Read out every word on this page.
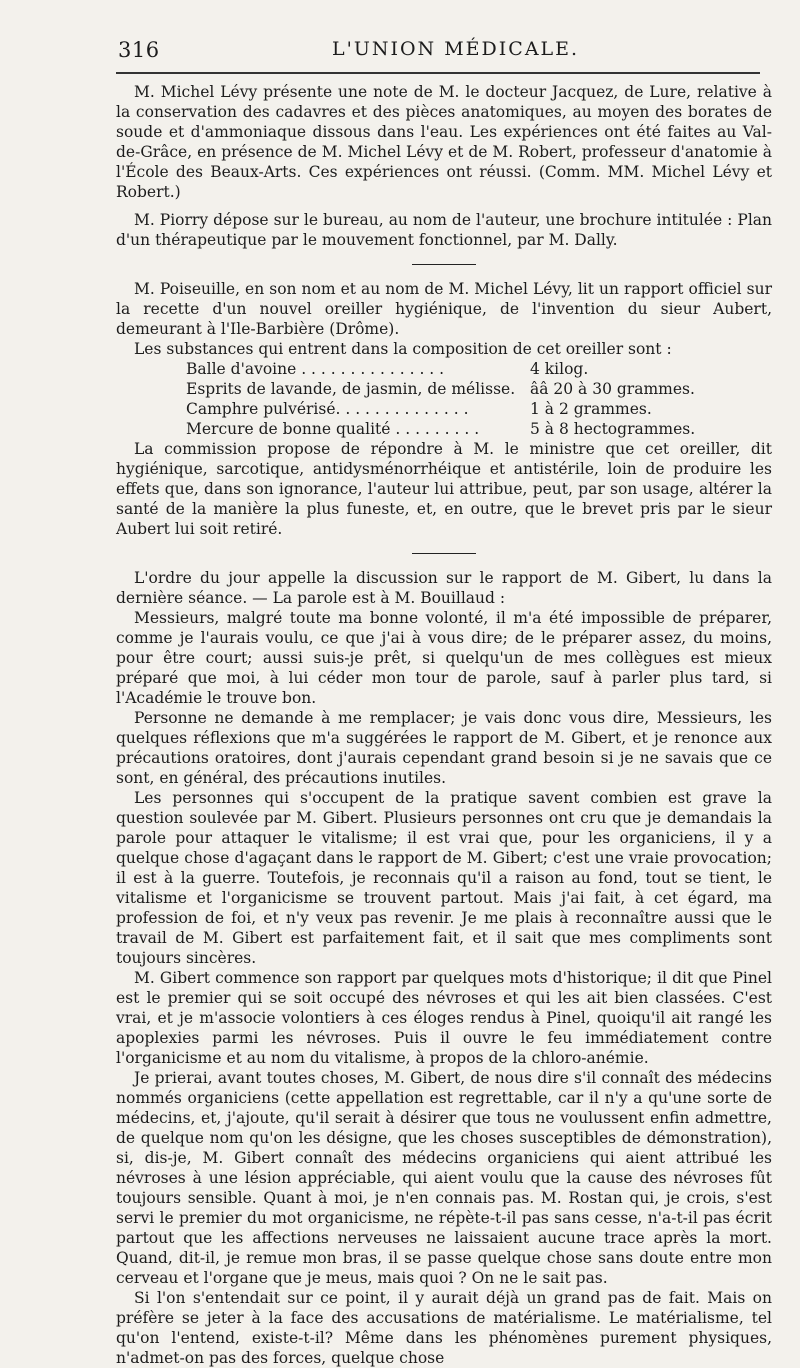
316	L'UNION MÉDICALE.

M. Michel Lévy présente une note de M. le docteur Jacquez, de Lure, relative à la conservation des cadavres et des pièces anatomiques, au moyen des borates de soude et d'ammoniaque dissous dans l'eau. Les expériences ont été faites au Val-de-Grâce, en présence de M. Michel Lévy et de M. Robert, professeur d'anatomie à l'École des Beaux-Arts. Ces expériences ont réussi. (Comm. MM. Michel Lévy et Robert.)

M. Piorry dépose sur le bureau, au nom de l'auteur, une brochure intitulée : Plan d'un thérapeutique par le mouvement fonctionnel, par M. Dally.

M. Poiseuille, en son nom et au nom de M. Michel Lévy, lit un rapport officiel sur la recette d'un nouvel oreiller hygiénique, de l'invention du sieur Aubert, demeurant à l'Ile-Barbière (Drôme).

Les substances qui entrent dans la composition de cet oreiller sont :

Balle d'avoine . . . . . . . . . . . . . . .	4 kilog.
Esprits de lavande, de jasmin, de mélisse. ââ 20 à 30 grammes.
Camphre pulvérisé. . . . . . . . . . . . . .	1 à 2 grammes.
Mercure de bonne qualité . . . . . . . . .	5 à 8 hectogrammes.

La commission propose de répondre à M. le ministre que cet oreiller, dit hygiénique, sarcotique, antidysménorrhéique et antistérile, loin de produire les effets que, dans son ignorance, l'auteur lui attribue, peut, par son usage, altérer la santé de la manière la plus funeste, et, en outre, que le brevet pris par le sieur Aubert lui soit retiré.

L'ordre du jour appelle la discussion sur le rapport de M. Gibert, lu dans la dernière séance. — La parole est à M. Bouillaud :

Messieurs, malgré toute ma bonne volonté, il m'a été impossible de préparer, comme je l'aurais voulu, ce que j'ai à vous dire; de le préparer assez, du moins, pour être court; aussi suis-je prêt, si quelqu'un de mes collègues est mieux préparé que moi, à lui céder mon tour de parole, sauf à parler plus tard, si l'Académie le trouve bon.

Personne ne demande à me remplacer; je vais donc vous dire, Messieurs, les quelques réflexions que m'a suggérées le rapport de M. Gibert, et je renonce aux précautions oratoires, dont j'aurais cependant grand besoin si je ne savais que ce sont, en général, des précautions inutiles.

Les personnes qui s'occupent de la pratique savent combien est grave la question soulevée par M. Gibert. Plusieurs personnes ont cru que je demandais la parole pour attaquer le vitalisme; il est vrai que, pour les organiciens, il y a quelque chose d'agaçant dans le rapport de M. Gibert; c'est une vraie provocation; il est à la guerre. Toutefois, je reconnais qu'il a raison au fond, tout se tient, le vitalisme et l'organicisme se trouvent partout. Mais j'ai fait, à cet égard, ma profession de foi, et n'y veux pas revenir. Je me plais à reconnaître aussi que le travail de M. Gibert est parfaitement fait, et il sait que mes compliments sont toujours sincères.

M. Gibert commence son rapport par quelques mots d'historique; il dit que Pinel est le premier qui se soit occupé des névroses et qui les ait bien classées. C'est vrai, et je m'associe volontiers à ces éloges rendus à Pinel, quoiqu'il ait rangé les apoplexies parmi les névroses. Puis il ouvre le feu immédiatement contre l'organicisme et au nom du vitalisme, à propos de la chloro-anémie.

Je prierai, avant toutes choses, M. Gibert, de nous dire s'il connaît des médecins nommés organiciens (cette appellation est regrettable, car il n'y a qu'une sorte de médecins, et, j'ajoute, qu'il serait à désirer que tous ne voulussent enfin admettre, de quelque nom qu'on les désigne, que les choses susceptibles de démonstration), si, dis-je, M. Gibert connaît des médecins organiciens qui aient attribué les névroses à une lésion appréciable, qui aient voulu que la cause des névroses fût toujours sensible. Quant à moi, je n'en connais pas. M. Rostan qui, je crois, s'est servi le premier du mot organicisme, ne répète-t-il pas sans cesse, n'a-t-il pas écrit partout que les affections nerveuses ne laissaient aucune trace après la mort. Quand, dit-il, je remue mon bras, il se passe quelque chose sans doute entre mon cerveau et l'organe que je meus, mais quoi ? On ne le sait pas.

Si l'on s'entendait sur ce point, il y aurait déjà un grand pas de fait. Mais on préfère se jeter à la face des accusations de matérialisme. Le matérialisme, tel qu'on l'entend, existe-t-il? Même dans les phénomènes purement physiques, n'admet-on pas des forces, quelque chose
